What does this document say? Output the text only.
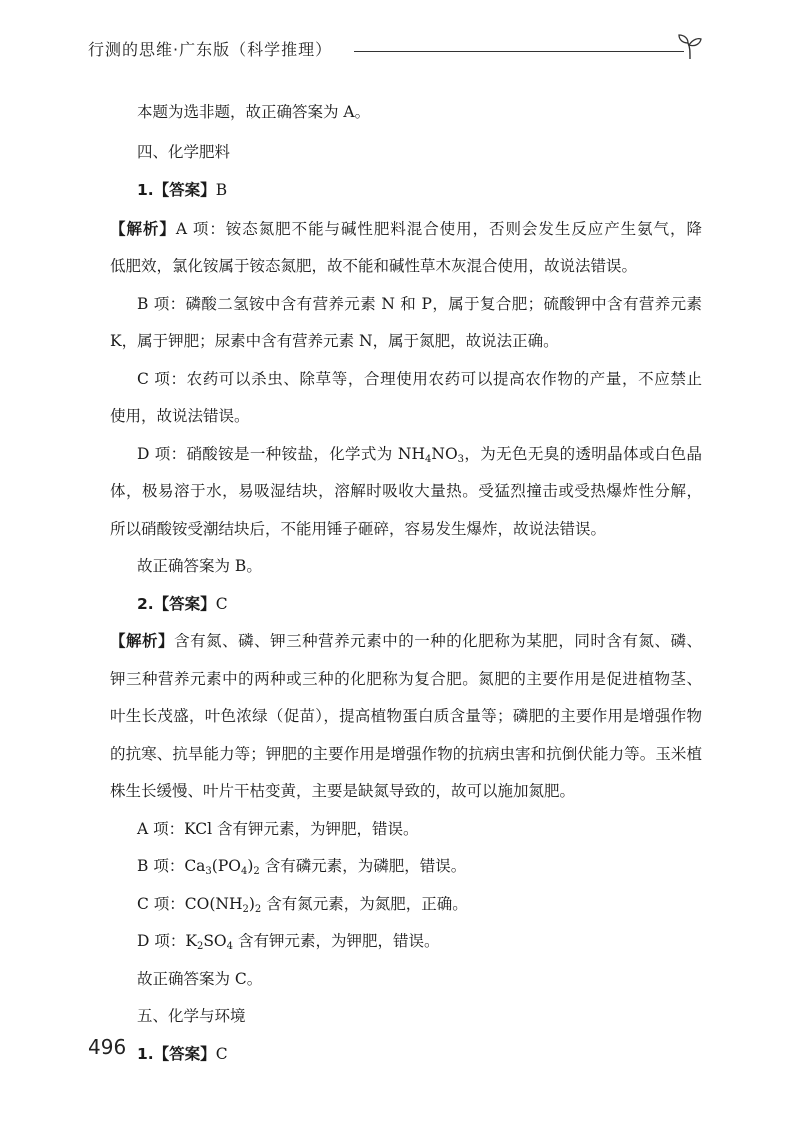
行测的思维·广东版（科学推理）
本题为选非题，故正确答案为 A。
四、化学肥料
1.【答案】B
【解析】A 项：铵态氮肥不能与碱性肥料混合使用，否则会发生反应产生氨气，降
低肥效，氯化铵属于铵态氮肥，故不能和碱性草木灰混合使用，故说法错误。
B 项：磷酸二氢铵中含有营养元素 N 和 P，属于复合肥；硫酸钾中含有营养元素
K，属于钾肥；尿素中含有营养元素 N，属于氮肥，故说法正确。
C 项：农药可以杀虫、除草等，合理使用农药可以提高农作物的产量，不应禁止
使用，故说法错误。
D 项：硝酸铵是一种铵盐，化学式为 $NH_4NO_3$，为无色无臭的透明晶体或白色晶
体，极易溶于水，易吸湿结块，溶解时吸收大量热。受猛烈撞击或受热爆炸性分解，
所以硝酸铵受潮结块后，不能用锤子砸碎，容易发生爆炸，故说法错误。
故正确答案为 B。
2.【答案】C
【解析】含有氮、磷、钾三种营养元素中的一种的化肥称为某肥，同时含有氮、磷、
钾三种营养元素中的两种或三种的化肥称为复合肥。氮肥的主要作用是促进植物茎、
叶生长茂盛，叶色浓绿（促苗），提高植物蛋白质含量等；磷肥的主要作用是增强作物
的抗寒、抗旱能力等；钾肥的主要作用是增强作物的抗病虫害和抗倒伏能力等。玉米植
株生长缓慢、叶片干枯变黄，主要是缺氮导致的，故可以施加氮肥。
A 项：KCl 含有钾元素，为钾肥，错误。
B 项：$Ca_3(PO_4)_2$ 含有磷元素，为磷肥，错误。
C 项：$CO(NH_2)_2$ 含有氮元素，为氮肥，正确。
D 项：$K_2SO_4$ 含有钾元素，为钾肥，错误。
故正确答案为 C。
五、化学与环境
1.【答案】C
496
